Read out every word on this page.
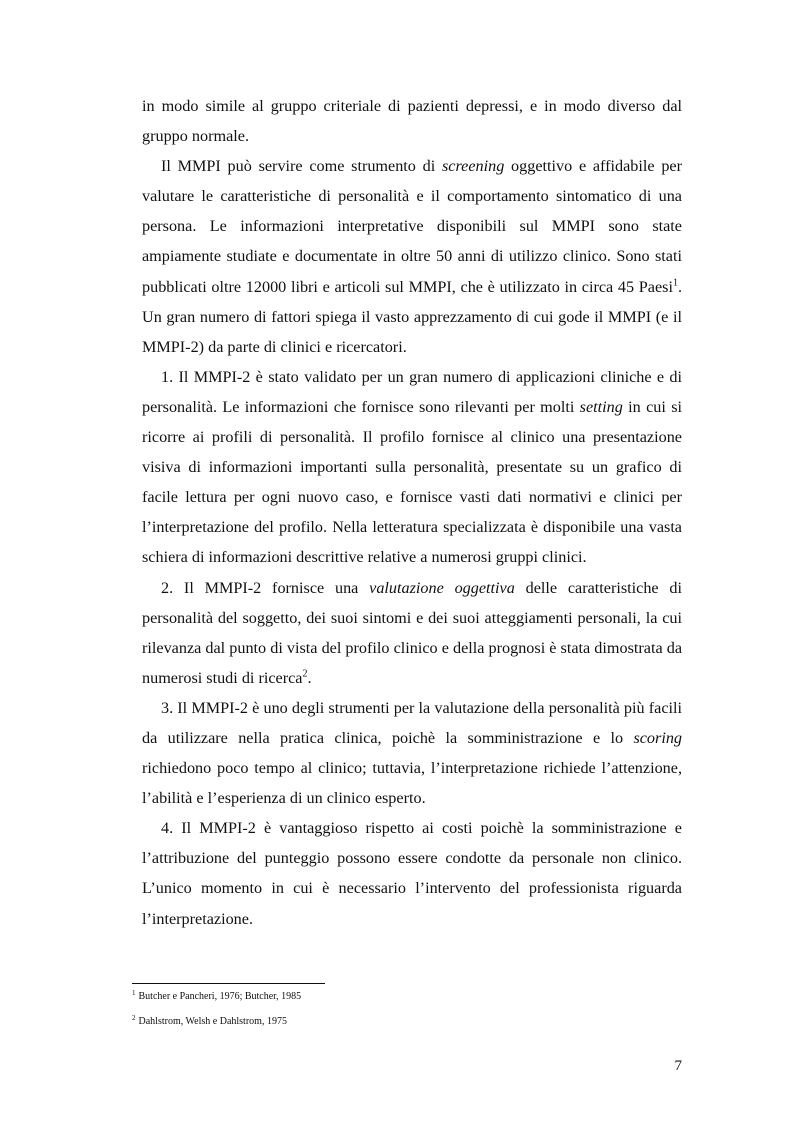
in modo simile al gruppo criteriale di pazienti depressi, e in modo diverso dal gruppo normale.

Il MMPI può servire come strumento di screening oggettivo e affidabile per valutare le caratteristiche di personalità e il comportamento sintomatico di una persona. Le informazioni interpretative disponibili sul MMPI sono state ampiamente studiate e documentate in oltre 50 anni di utilizzo clinico. Sono stati pubblicati oltre 12000 libri e articoli sul MMPI, che è utilizzato in circa 45 Paesi$^1$. Un gran numero di fattori spiega il vasto apprezzamento di cui gode il MMPI (e il MMPI-2) da parte di clinici e ricercatori.

1. Il MMPI-2 è stato validato per un gran numero di applicazioni cliniche e di personalità. Le informazioni che fornisce sono rilevanti per molti setting in cui si ricorre ai profili di personalità. Il profilo fornisce al clinico una presentazione visiva di informazioni importanti sulla personalità, presentate su un grafico di facile lettura per ogni nuovo caso, e fornisce vasti dati normativi e clinici per l’interpretazione del profilo. Nella letteratura specializzata è disponibile una vasta schiera di informazioni descrittive relative a numerosi gruppi clinici.

2. Il MMPI-2 fornisce una valutazione oggettiva delle caratteristiche di personalità del soggetto, dei suoi sintomi e dei suoi atteggiamenti personali, la cui rilevanza dal punto di vista del profilo clinico e della prognosi è stata dimostrata da numerosi studi di ricerca$^2$.

3. Il MMPI-2 è uno degli strumenti per la valutazione della personalità più facili da utilizzare nella pratica clinica, poichè la somministrazione e lo scoring richiedono poco tempo al clinico; tuttavia, l’interpretazione richiede l’attenzione, l’abilità e l’esperienza di un clinico esperto.

4. Il MMPI-2 è vantaggioso rispetto ai costi poichè la somministrazione e l’attribuzione del punteggio possono essere condotte da personale non clinico. L’unico momento in cui è necessario l’intervento del professionista riguarda l’interpretazione.

$^1$ Butcher e Pancheri, 1976; Butcher, 1985
$^2$ Dahlstrom, Welsh e Dahlstrom, 1975
7
